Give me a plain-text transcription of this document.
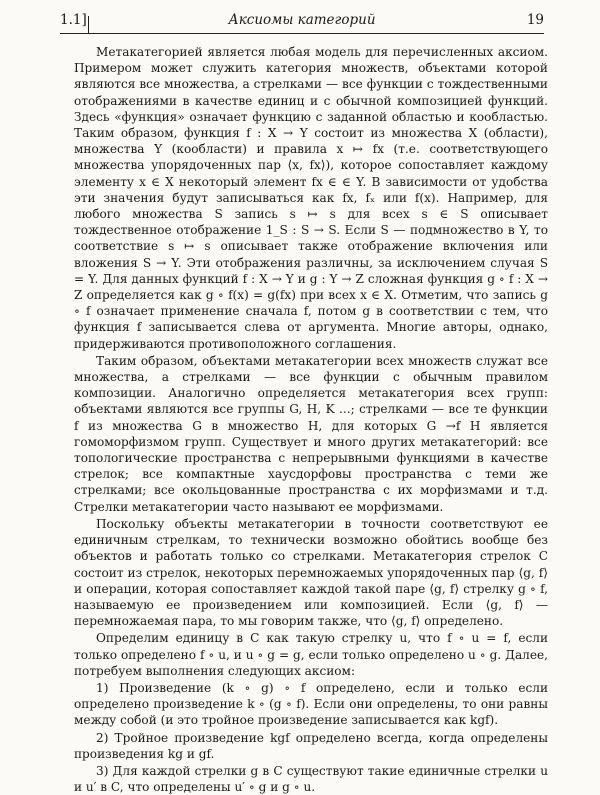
1.1]	Аксиомы категорий	19

Метакатегорией является любая модель для перечисленных аксиом. Примером может служить категория множеств, объектами которой являются все множества, а стрелками — все функции с тождественными отображениями в качестве единиц и с обычной композицией функций. Здесь «функция» означает функцию с заданной областью и кообластью. Таким образом, функция f : X → Y состоит из множества X (области), множества Y (кообласти) и правила x ↦ fx (т.е. соответствующего множества упорядоченных пар ⟨x, fx⟩), которое сопоставляет каждому элементу x ∈ X некоторый элемент fx ∈ ∈ Y. В зависимости от удобства эти значения будут записываться как fx, fₓ или f(x). Например, для любого множества S запись s ↦ s для всех s ∈ S описывает тождественное отображение 1_S : S → S. Если S — подмножество в Y, то соответствие s ↦ s описывает также отображение включения или вложения S → Y. Эти отображения различны, за исключением случая S = Y. Для данных функций f : X → Y и g : Y → Z сложная функция g ∘ f : X → Z определяется как g ∘ f(x) = g(fx) при всех x ∈ X. Отметим, что запись g ∘ f означает применение сначала f, потом g в соответствии с тем, что функция f записывается слева от аргумента. Многие авторы, однако, придерживаются противоположного соглашения.

Таким образом, объектами метакатегории всех множеств служат все множества, а стрелками — все функции с обычным правилом композиции. Аналогично определяется метакатегория всех групп: объектами являются все группы G, H, K ...; стрелками — все те функции f из множества G в множество H, для которых G →f H является гомоморфизмом групп. Существует и много других метакатегорий: все топологические пространства с непрерывными функциями в качестве стрелок; все компактные хаусдорфовы пространства с теми же стрелками; все окольцованные пространства с их морфизмами и т.д. Стрелки метакатегории часто называют ее морфизмами.

Поскольку объекты метакатегории в точности соответствуют ее единичным стрелкам, то технически возможно обойтись вообще без объектов и работать только со стрелками. Метакатегория стрелок C состоит из стрелок, некоторых перемножаемых упорядоченных пар ⟨g, f⟩ и операции, которая сопоставляет каждой такой паре ⟨g, f⟩ стрелку g ∘ f, называемую ее произведением или композицией. Если ⟨g, f⟩ — перемножаемая пара, то мы говорим также, что ⟨g, f⟩ определено.

Определим единицу в C как такую стрелку u, что f ∘ u = f, если только определено f ∘ u, и u ∘ g = g, если только определено u ∘ g. Далее, потребуем выполнения следующих аксиом:

1) Произведение (k ∘ g) ∘ f определено, если и только если определено произведение k ∘ (g ∘ f). Если они определены, то они равны между собой (и это тройное произведение записывается как kgf).

2) Тройное произведение kgf определено всегда, когда определены произведения kg и gf.

3) Для каждой стрелки g в C существуют такие единичные стрелки u и u′ в C, что определены u′ ∘ g и g ∘ u.
